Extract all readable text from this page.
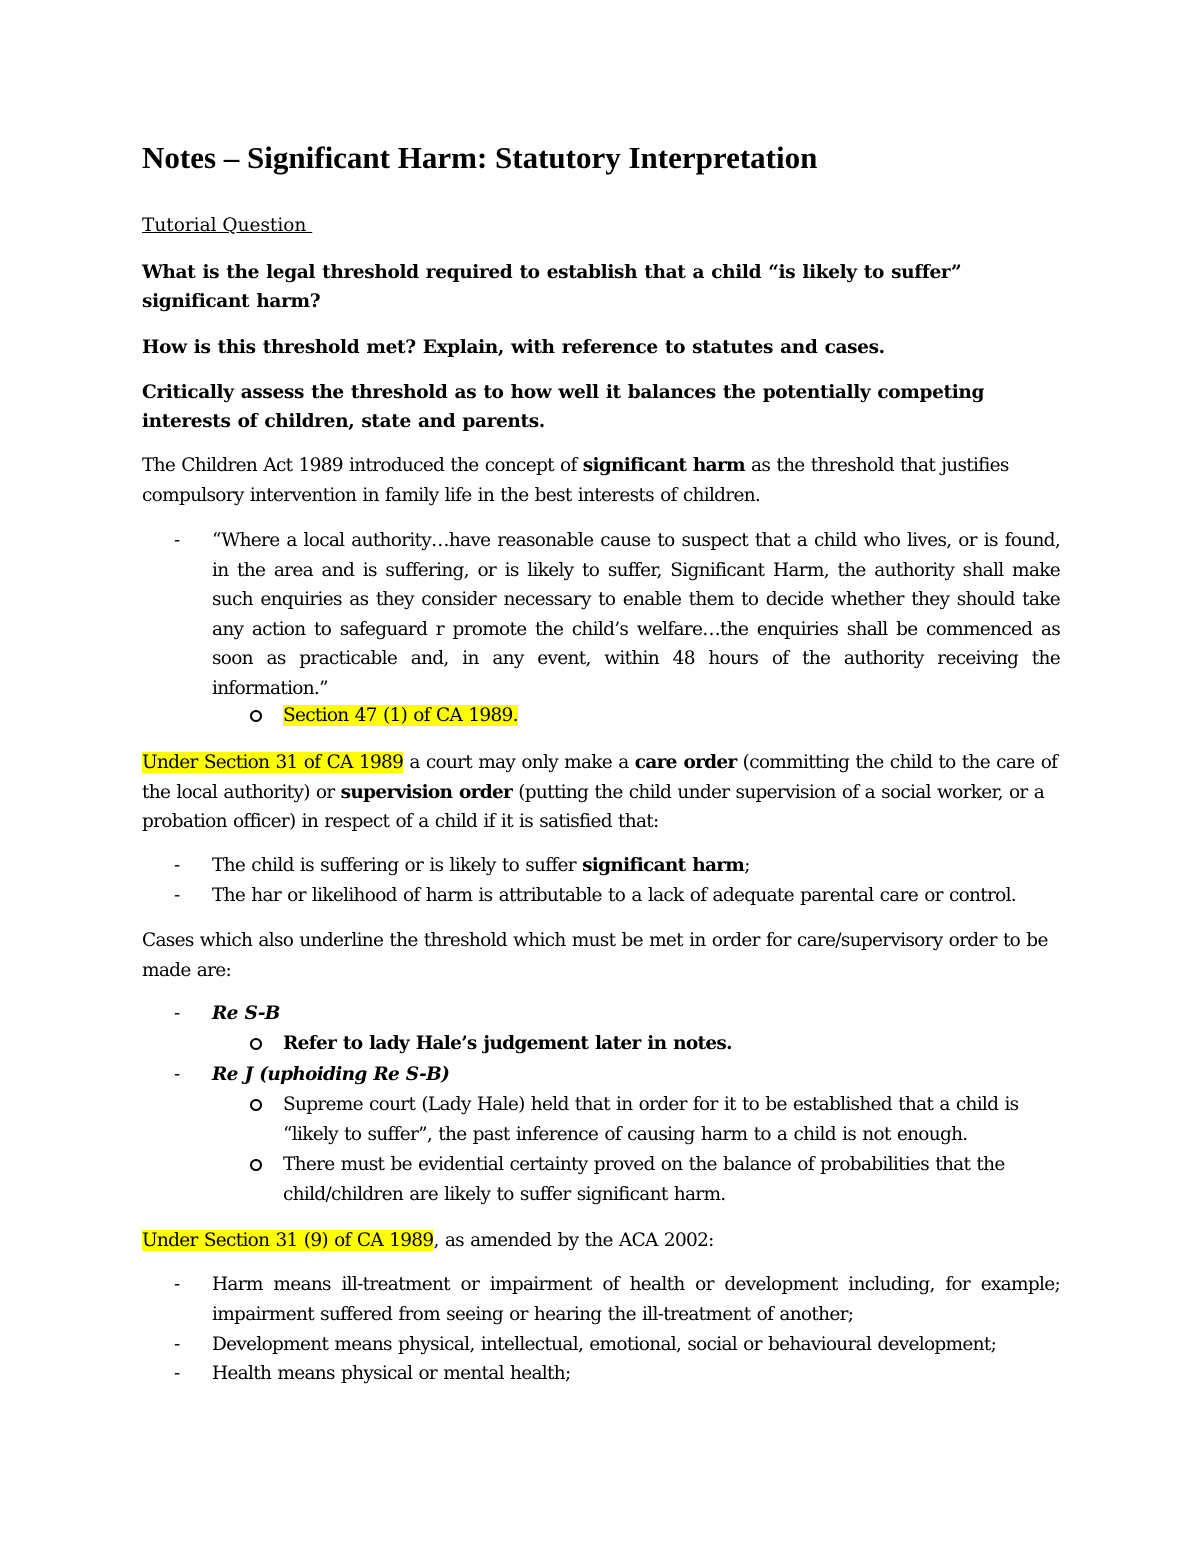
Notes – Significant Harm: Statutory Interpretation
Tutorial Question

What is the legal threshold required to establish that a child “is likely to suffer” significant harm?

How is this threshold met? Explain, with reference to statutes and cases.

Critically assess the threshold as to how well it balances the potentially competing interests of children, state and parents.

The Children Act 1989 introduced the concept of significant harm as the threshold that justifies compulsory intervention in family life in the best interests of children.

- “Where a local authority…have reasonable cause to suspect that a child who lives, or is found, in the area and is suffering, or is likely to suffer, Significant Harm, the authority shall make such enquiries as they consider necessary to enable them to decide whether they should take any action to safeguard r promote the child’s welfare…the enquiries shall be commenced as soon as practicable and, in any event, within 48 hours of the authority receiving the information.”
Section 47 (1) of CA 1989.

Under Section 31 of CA 1989 a court may only make a care order (committing the child to the care of the local authority) or supervision order (putting the child under supervision of a social worker, or a probation officer) in respect of a child if it is satisfied that:

- The child is suffering or is likely to suffer significant harm;
- The har or likelihood of harm is attributable to a lack of adequate parental care or control.

Cases which also underline the threshold which must be met in order for care/supervisory order to be made are:

- Re S-B
Refer to lady Hale’s judgement later in notes.
- Re J (uphoiding Re S-B)
Supreme court (Lady Hale) held that in order for it to be established that a child is “likely to suffer”, the past inference of causing harm to a child is not enough.
There must be evidential certainty proved on the balance of probabilities that the child/children are likely to suffer significant harm.

Under Section 31 (9) of CA 1989, as amended by the ACA 2002:

- Harm means ill-treatment or impairment of health or development including, for example; impairment suffered from seeing or hearing the ill-treatment of another;
- Development means physical, intellectual, emotional, social or behavioural development;
- Health means physical or mental health;
